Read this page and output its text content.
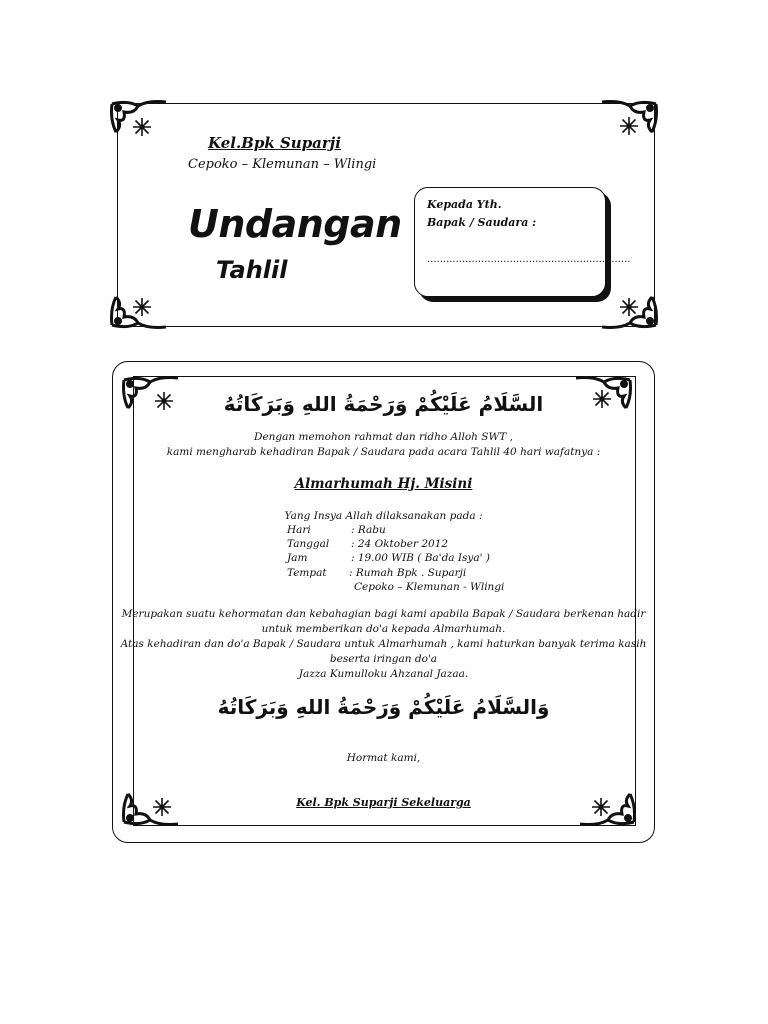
Kel.Bpk Suparji
Cepoko – Klemunan – Wlingi
Undangan
Tahlil
Kepada Yth.
Bapak / Saudara :
................................................................
السَّلَامُ عَلَيْكُمْ وَرَحْمَةُ اللهِ وَبَرَكَاتُهُ
Dengan memohon rahmat dan ridho Alloh SWT ,
kami mengharab kehadiran Bapak / Saudara pada acara Tahlil 40 hari wafatnya :
Almarhumah Hj. Misini
Yang Insya Allah dilaksanakan pada :
Hari	: Rabu
Tanggal : 24 Oktober 2012
Jam	: 19.00 WIB ( Ba'da Isya' )
Tempat : Rumah Bpk . Suparji
Cepoko – Klemunan - Wlingi
Merupakan suatu kehormatan dan kebahagian bagi kami apabila Bapak / Saudara berkenan hadir
untuk memberikan do'a kepada Almarhumah.
Atas kehadiran dan do'a Bapak / Saudara untuk Almarhumah , kami haturkan banyak terima kasih
beserta iringan do'a
Jazza Kumulloku Ahzanal Jazaa.
وَالسَّلَامُ عَلَيْكُمْ وَرَحْمَةُ اللهِ وَبَرَكَاتُهُ
Hormat kami,
Kel. Bpk Suparji Sekeluarga
